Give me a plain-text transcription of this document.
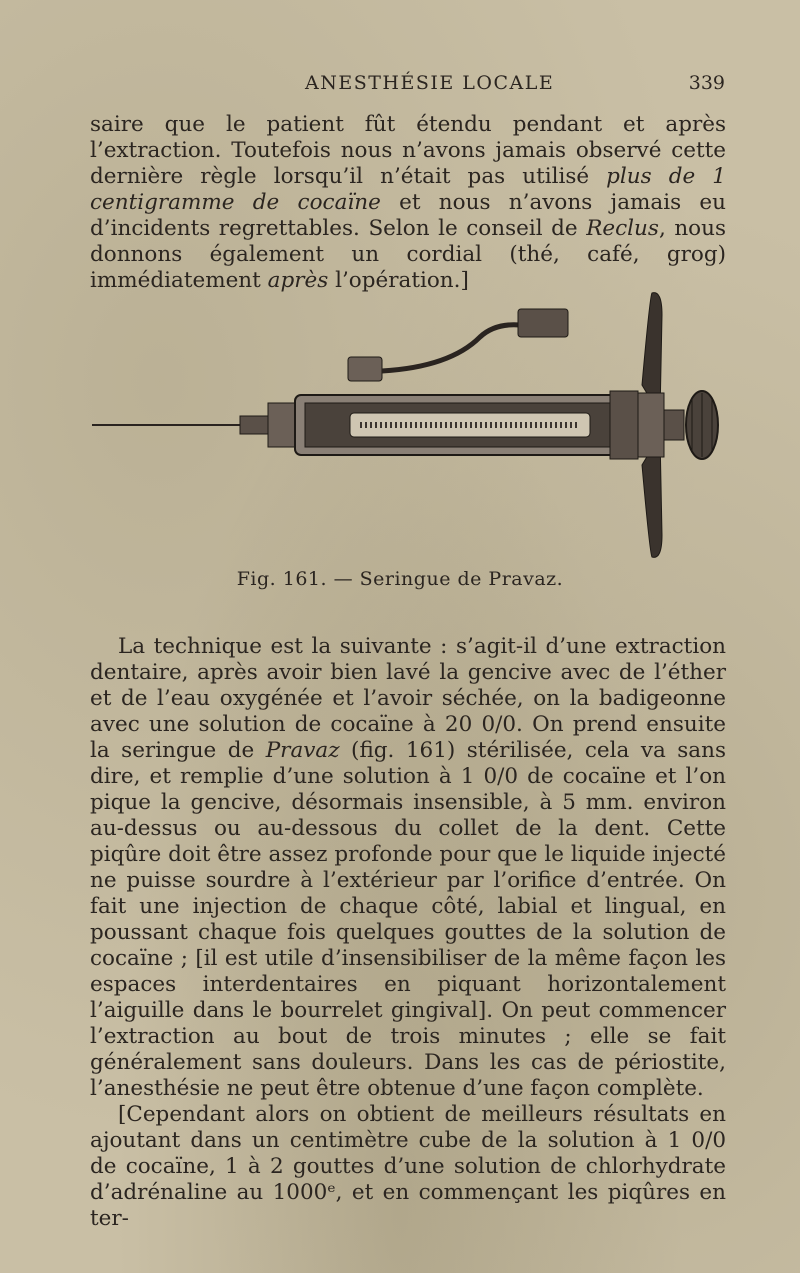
ANESTHÉSIE LOCALE	339

saire que le patient fût étendu pendant et après l’extraction. Toutefois nous n’avons jamais observé cette dernière règle lorsqu’il n’était pas utilisé plus de 1 centigramme de cocaïne et nous n’avons jamais eu d’incidents regrettables. Selon le conseil de Reclus, nous donnons également un cordial (thé, café, grog) immédiatement après l’opération.]

Fig. 161. — Seringue de Pravaz.

La technique est la suivante : s’agit-il d’une extraction dentaire, après avoir bien lavé la gencive avec de l’éther et de l’eau oxygénée et l’avoir séchée, on la badigeonne avec une solution de cocaïne à 20 0/0. On prend ensuite la seringue de Pravaz (fig. 161) stérilisée, cela va sans dire, et remplie d’une solution à 1 0/0 de cocaïne et l’on pique la gencive, désormais insensible, à 5 mm. environ au-dessus ou au-dessous du collet de la dent. Cette piqûre doit être assez profonde pour que le liquide injecté ne puisse sourdre à l’extérieur par l’orifice d’entrée. On fait une injection de chaque côté, labial et lingual, en poussant chaque fois quelques gouttes de la solution de cocaïne ; [il est utile d’insensibiliser de la même façon les espaces interdentaires en piquant horizontalement l’aiguille dans le bourrelet gingival]. On peut commencer l’extraction au bout de trois minutes ; elle se fait généralement sans douleurs. Dans les cas de périostite, l’anesthésie ne peut être obtenue d’une façon complète.

[Cependant alors on obtient de meilleurs résultats en ajoutant dans un centimètre cube de la solution à 1 0/0 de cocaïne, 1 à 2 gouttes d’une solution de chlorhydrate d’adrénaline au 1000ᵉ, et en commençant les piqûres en ter-
